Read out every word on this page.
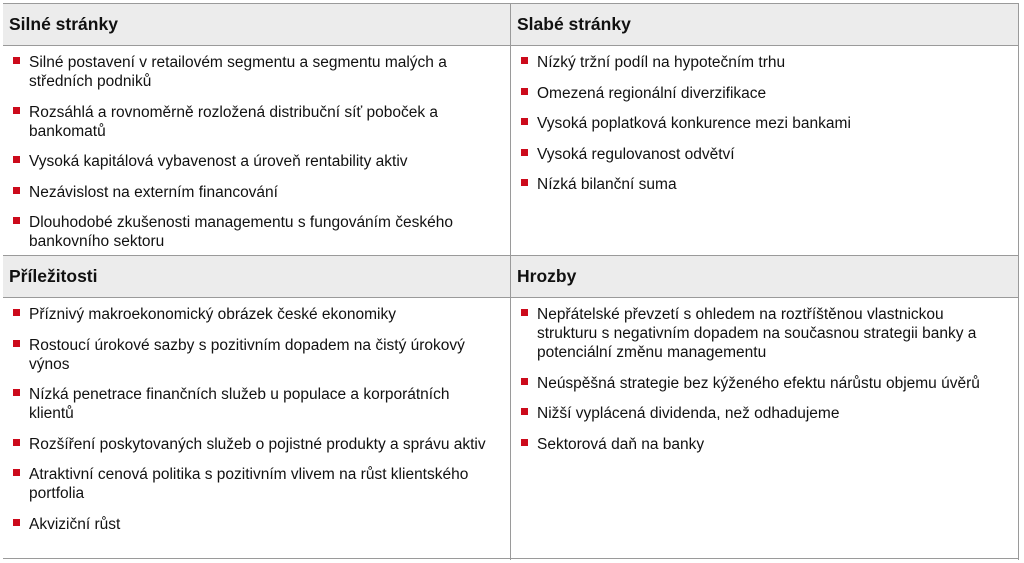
Silné stránky
Silné postavení v retailovém segmentu a segmentu malých a středních podniků
Rozsáhlá a rovnoměrně rozložená distribuční síť poboček a bankomatů
Vysoká kapitálová vybavenost a úroveň rentability aktiv
Nezávislost na externím financování
Dlouhodobé zkušenosti managementu s fungováním českého bankovního sektoru
Slabé stránky
Nízký tržní podíl na hypotečním trhu
Omezená regionální diverzifikace
Vysoká poplatková konkurence mezi bankami
Vysoká regulovanost odvětví
Nízká bilanční suma
Příležitosti
Příznivý makroekonomický obrázek české ekonomiky
Rostoucí úrokové sazby s pozitivním dopadem na čistý úrokový výnos
Nízká penetrace finančních služeb u populace a korporátních klientů
Rozšíření poskytovaných služeb o pojistné produkty a správu aktiv
Atraktivní cenová politika s pozitivním vlivem na růst klientského portfolia
Akviziční růst
Hrozby
Nepřátelské převzetí s ohledem na roztříštěnou vlastnickou strukturu s negativním dopadem na současnou strategii banky a potenciální změnu managementu
Neúspěšná strategie bez kýženého efektu nárůstu objemu úvěrů
Nižší vyplácená dividenda, než odhadujeme
Sektorová daň na banky
